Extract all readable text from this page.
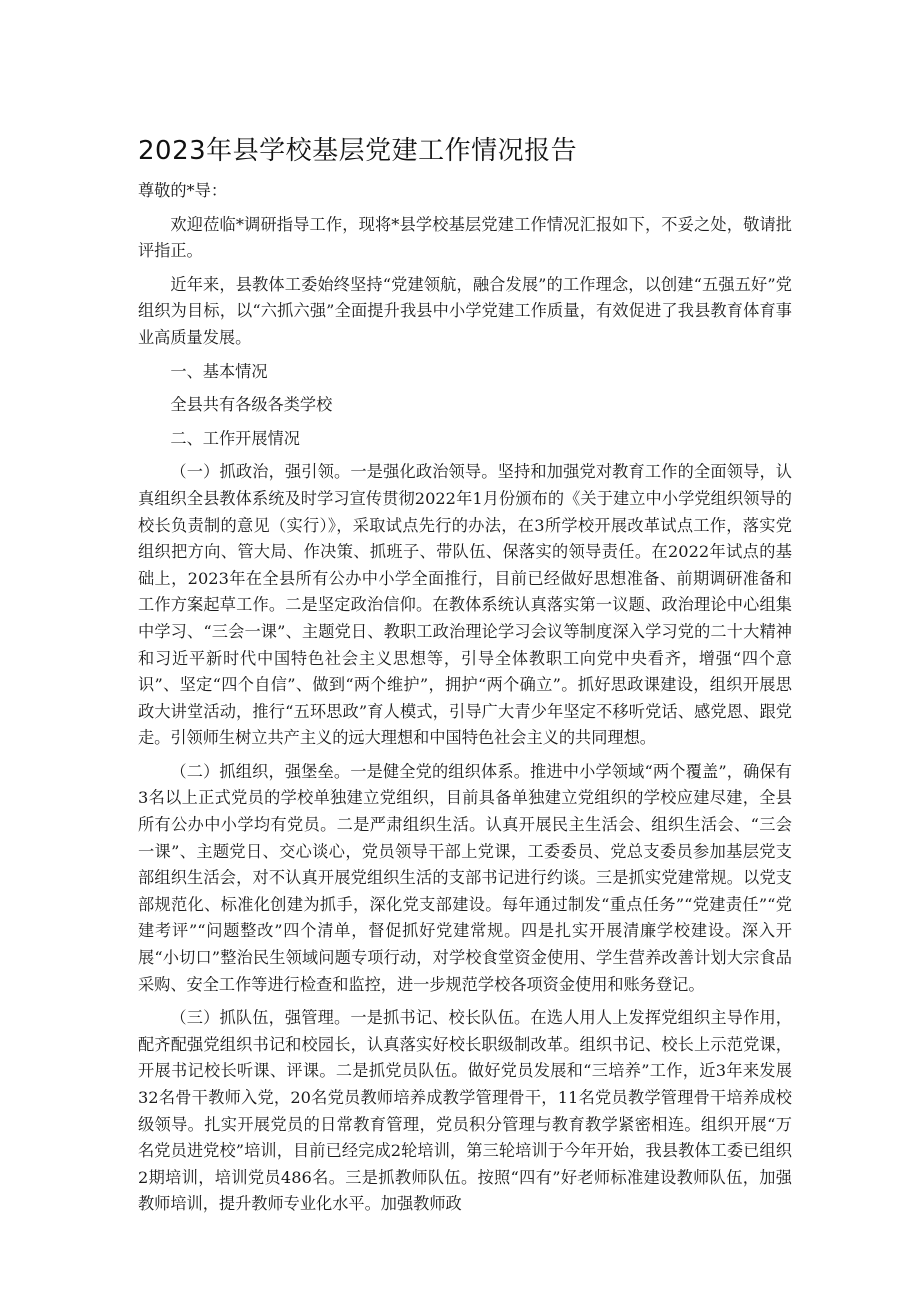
2023年县学校基层党建工作情况报告

尊敬的*导：

欢迎莅临*调研指导工作，现将*县学校基层党建工作情况汇报如下，不妥之处，敬请批评指正。

近年来，县教体工委始终坚持“党建领航，融合发展”的工作理念，以创建“五强五好”党组织为目标，以“六抓六强”全面提升我县中小学党建工作质量，有效促进了我县教育体育事业高质量发展。

一、基本情况

全县共有各级各类学校

二、工作开展情况

（一）抓政治，强引领。一是强化政治领导。坚持和加强党对教育工作的全面领导，认真组织全县教体系统及时学习宣传贯彻2022年1月份颁布的《关于建立中小学党组织领导的校长负责制的意见（实行）》，采取试点先行的办法，在3所学校开展改革试点工作，落实党组织把方向、管大局、作决策、抓班子、带队伍、保落实的领导责任。在2022年试点的基础上，2023年在全县所有公办中小学全面推行，目前已经做好思想准备、前期调研准备和工作方案起草工作。二是坚定政治信仰。在教体系统认真落实第一议题、政治理论中心组集中学习、“三会一课”、主题党日、教职工政治理论学习会议等制度深入学习党的二十大精神和习近平新时代中国特色社会主义思想等，引导全体教职工向党中央看齐，增强“四个意识”、坚定“四个自信”、做到“两个维护”，拥护“两个确立”。抓好思政课建设，组织开展思政大讲堂活动，推行“五环思政”育人模式，引导广大青少年坚定不移听党话、感党恩、跟党走。引领师生树立共产主义的远大理想和中国特色社会主义的共同理想。

（二）抓组织，强堡垒。一是健全党的组织体系。推进中小学领域“两个覆盖”，确保有3名以上正式党员的学校单独建立党组织，目前具备单独建立党组织的学校应建尽建，全县所有公办中小学均有党员。二是严肃组织生活。认真开展民主生活会、组织生活会、“三会一课”、主题党日、交心谈心，党员领导干部上党课，工委委员、党总支委员参加基层党支部组织生活会，对不认真开展党组织生活的支部书记进行约谈。三是抓实党建常规。以党支部规范化、标准化创建为抓手，深化党支部建设。每年通过制发“重点任务”“党建责任”“党建考评”“问题整改”四个清单，督促抓好党建常规。四是扎实开展清廉学校建设。深入开展“小切口”整治民生领域问题专项行动，对学校食堂资金使用、学生营养改善计划大宗食品采购、安全工作等进行检查和监控，进一步规范学校各项资金使用和账务登记。

（三）抓队伍，强管理。一是抓书记、校长队伍。在选人用人上发挥党组织主导作用，配齐配强党组织书记和校园长，认真落实好校长职级制改革。组织书记、校长上示范党课，开展书记校长听课、评课。二是抓党员队伍。做好党员发展和“三培养”工作，近3年来发展32名骨干教师入党，20名党员教师培养成教学管理骨干，11名党员教学管理骨干培养成校级领导。扎实开展党员的日常教育管理，党员积分管理与教育教学紧密相连。组织开展“万名党员进党校”培训，目前已经完成2轮培训，第三轮培训于今年开始，我县教体工委已组织2期培训，培训党员486名。三是抓教师队伍。按照“四有”好老师标准建设教师队伍，加强教师培训，提升教师专业化水平。加强教师政
